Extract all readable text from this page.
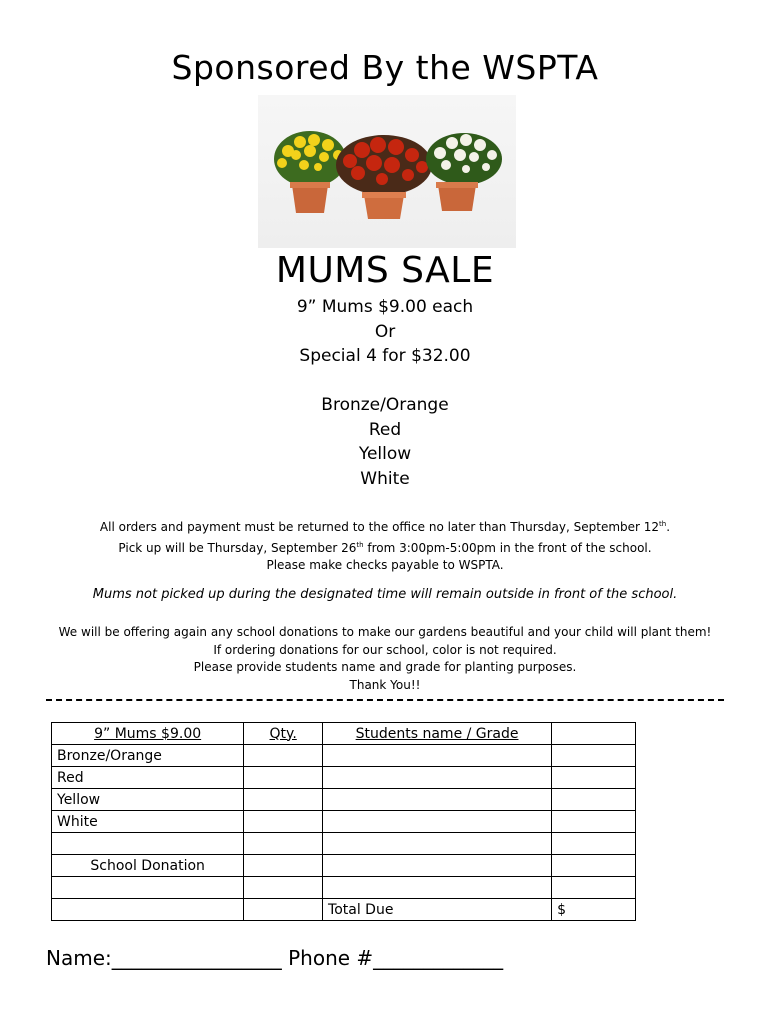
Sponsored By the WSPTA
MUMS SALE
9” Mums $9.00 each
Or
Special 4 for $32.00
Bronze/Orange
Red
Yellow
White
All orders and payment must be returned to the office no later than Thursday, September 12th.
Pick up will be Thursday, September 26th from 3:00pm-5:00pm in the front of the school.
Please make checks payable to WSPTA.
Mums not picked up during the designated time will remain outside in front of the school.
We will be offering again any school donations to make our gardens beautiful and your child will plant them!
If ordering donations for our school, color is not required.
Please provide students name and grade for planting purposes.
Thank You!!
9” Mums $9.00	Qty.	Students name / Grade	
Bronze/Orange			
Red			
Yellow			
White			

School Donation			

		Total Due	$
Name:_________________ Phone #_____________
